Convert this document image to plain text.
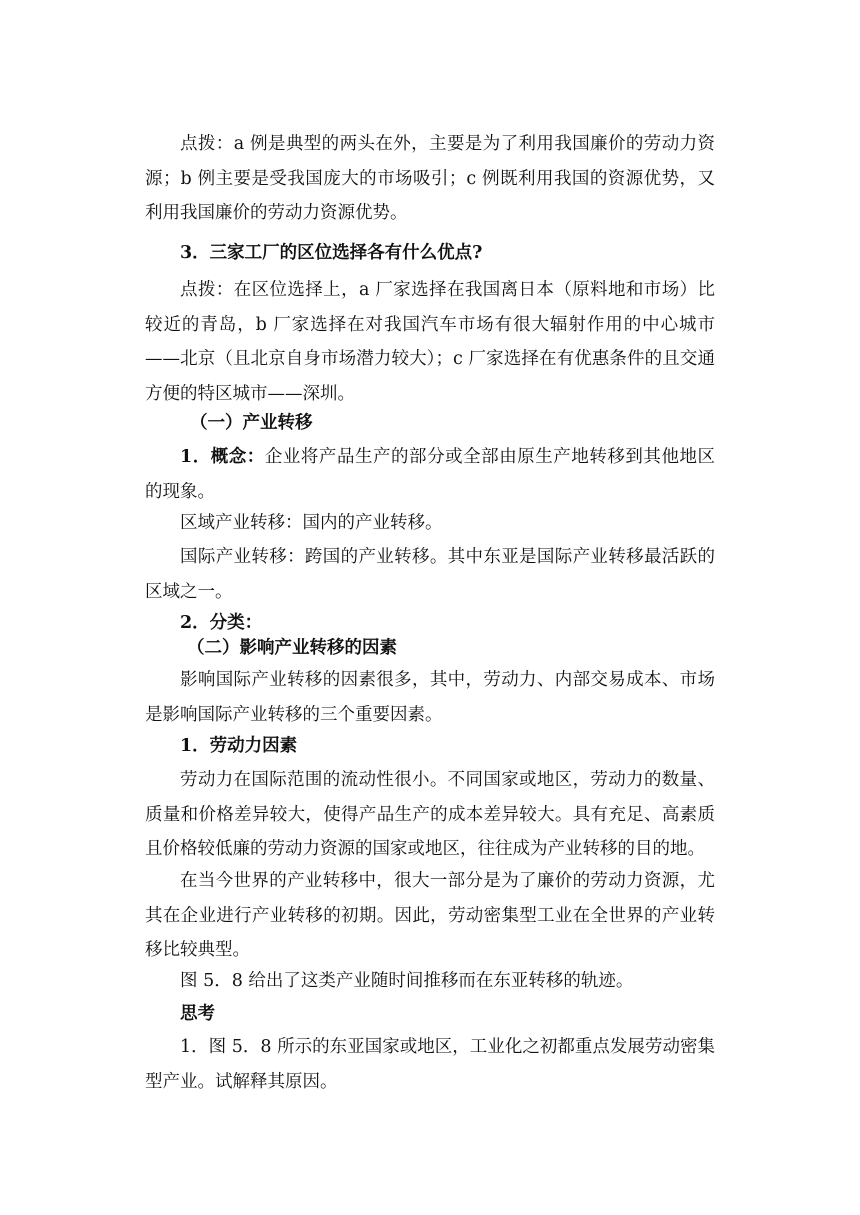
点拨：a 例是典型的两头在外，主要是为了利用我国廉价的劳动力资源；b 例主要是受我国庞大的市场吸引；c 例既利用我国的资源优势，又利用我国廉价的劳动力资源优势。

3．三家工厂的区位选择各有什么优点?

点拨：在区位选择上，a 厂家选择在我国离日本（原料地和市场）比较近的青岛，b 厂家选择在对我国汽车市场有很大辐射作用的中心城市——北京（且北京自身市场潜力较大）；c 厂家选择在有优惠条件的且交通方便的特区城市——深圳。

（一）产业转移

1．概念：企业将产品生产的部分或全部由原生产地转移到其他地区的现象。

区域产业转移：国内的产业转移。

国际产业转移：跨国的产业转移。其中东亚是国际产业转移最活跃的区域之一。

2．分类：

（二）影响产业转移的因素

影响国际产业转移的因素很多，其中，劳动力、内部交易成本、市场是影响国际产业转移的三个重要因素。

1．劳动力因素

劳动力在国际范围的流动性很小。不同国家或地区，劳动力的数量、质量和价格差异较大，使得产品生产的成本差异较大。具有充足、高素质且价格较低廉的劳动力资源的国家或地区，往往成为产业转移的目的地。

在当今世界的产业转移中，很大一部分是为了廉价的劳动力资源，尤其在企业进行产业转移的初期。因此，劳动密集型工业在全世界的产业转移比较典型。

图 5．8 给出了这类产业随时间推移而在东亚转移的轨迹。

思考

1．图 5．8 所示的东亚国家或地区，工业化之初都重点发展劳动密集型产业。试解释其原因。
